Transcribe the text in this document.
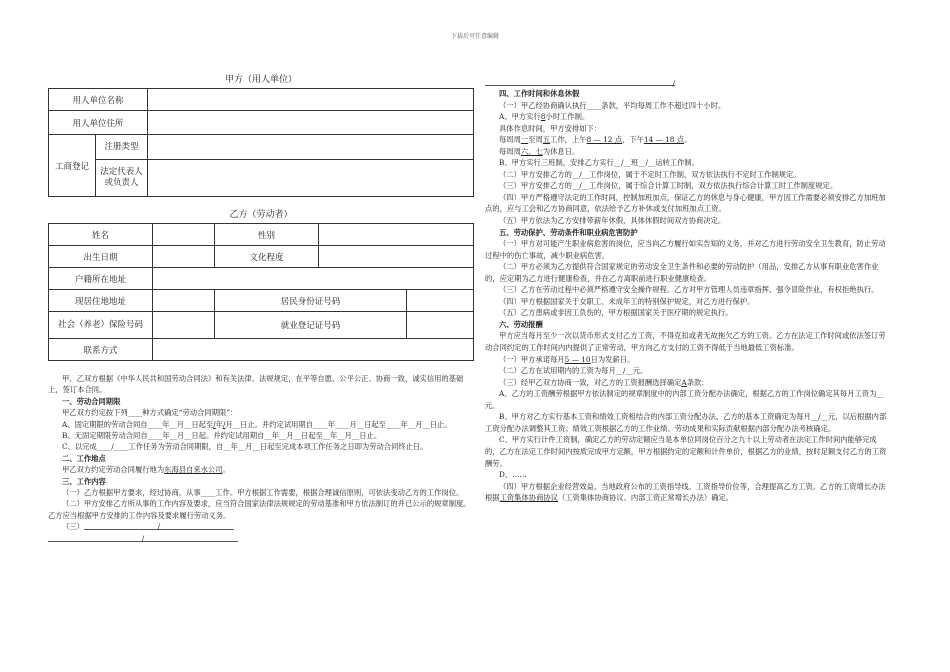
下载后可任意编辑
甲方（用人单位）
用人单位名称		
用人单位住所		
工商登记	注册类型	
	法定代表人或负责人	
乙方（劳动者）
姓名		性别		
出生日期		文化程度		
户籍所在地址				
现居住地地址		居民身份证号码		
社会（养老）保险号码		就业登记证号码		
联系方式				

甲、乙双方根据《中华人民共和国劳动合同法》和有关法律、法规规定，在平等自愿、公平公正、协商一致、诚实信用的基础上，签订本合同。

一、劳动合同期限

甲乙双方约定按下列____种方式确定“劳动合同期限”：

A、固定期限的劳动合同自____年__月__日起至/年/月__日止。并约定试用期自____年____月__日起至____年__月__日止。

B、无固定期限劳动合同自____年__月__日起。并约定试用期自__年__月__日起至__年__月__日止。

C、以完成____/____工作任务为劳动合同期限，自__年__月__日起至完成本项工作任务之日即为劳动合同终止日。

二、工作地点

甲乙双方约定劳动合同履行地为东海县自来水公司。

三、工作内容

（一）乙方根据甲方要求，经过协商，从事____工作。甲方根据工作需要，根据合理诚信原则，可依法变动乙方的工作岗位。

（二）甲方安排乙方所从事的工作内容及要求，应当符合国家法律法规规定的劳动基准和甲方依法制订的并已公示的规章制度。乙方应当根据甲方安排的工作内容及要求履行劳动义务。

（三）	/

/

/

四、工作时间和休息休假

（一）甲乙经协商确认执行____条款，平均每周工作不超过四十小时。

A、甲方实行8小时工作制。

具体作息时间，甲方安排如下：

每周周一至周五工作，上午8 — 12 点，下午14 — 18 点。

每周周六、七为休息日。

B、甲方实行三班制，安排乙方实行__/__班__/__运转工作制。

（二）甲方安排乙方的__/__工作岗位，属于不定时工作制，双方依法执行不定时工作制规定。

（三）甲方安排乙方的__/__工作岗位，属于综合计算工时制，双方依法执行综合计算工时工作制度规定。

（四）甲方严格遵守法定的工作时间，控制加班加点，保证乙方的休息与身心健康，甲方因工作需要必须安排乙方加班加点的，应与工会和乙方协商同意，依法给予乙方补休或支付加班加点工资。

（五）甲方依法为乙方安排带薪年休假，具体休假时间双方协商决定。

五、劳动保护、劳动条件和职业病危害防护

（一）甲方对可能产生职业病危害的岗位，应当向乙方履行如实告知的义务，并对乙方进行劳动安全卫生教育，防止劳动过程中的伤亡事故，减少职业病危害。

（二）甲方必须为乙方提供符合国家规定的劳动安全卫生条件和必要的劳动防护（用品，安排乙方从事有职业危害作业的，应定期为乙方进行健康检查，并在乙方离职前进行职业健康检查。

（三）乙方在劳动过程中必须严格遵守安全操作规程。乙方对甲方管理人员违章指挥、强令冒险作业，有权拒绝执行。

（四）甲方根据国家关于女职工、未成年工的特别保护规定，对乙方进行保护。

（五）乙方患病或非因工负伤的，甲方根据国家关于医疗期的规定执行。

六、劳动报酬

甲方应当每月至少一次以货币形式支付乙方工资，不得克扣或者无故拖欠乙方的工资。乙方在法定工作时间或依法签订劳动合同约定的工作时间内内提供了正常劳动，甲方向乙方支付的工资不得低于当地最低工资标准。

（一）甲方承诺每月5 — 10日为发薪日。

（二）乙方在试用期内的工资为每月__/__元。

（三）经甲乙双方协商一致，对乙方的工资报酬选择确定A条款：

A、乙方的工资酬劳根据甲方依法制定的规章制度中的内部工资分配办法确定，根据乙方的工作岗位确定其每月工资为__元。

B、甲方对乙方实行基本工资和绩效工资相结合的内部工资分配办法，乙方的基本工资确定为每月__/__元，以后根据内部工资分配办法调整其工资；绩效工资根据乙方的工作业绩、劳动成果和实际贡献根据内部分配办法考核确定。

C、甲方实行计件工资制，确定乙方的劳动定额应当是本单位同岗位百分之九十以上劳动者在法定工作时间内能够完成的，乙方在法定工作时间内按质完成甲方定额，甲方根据约定的定额和计件单价，根据乙方的业绩，按时足额支付乙方的工资酬劳。

D、……

（四）甲方根据企业经营效益、当地政府公布的工资指导线、工资指导价位等，合理提高乙方工资。乙方的工资增长办法根据工资集体协商协议（工资集体协商协议、内部工资正常增长办法）确定。
